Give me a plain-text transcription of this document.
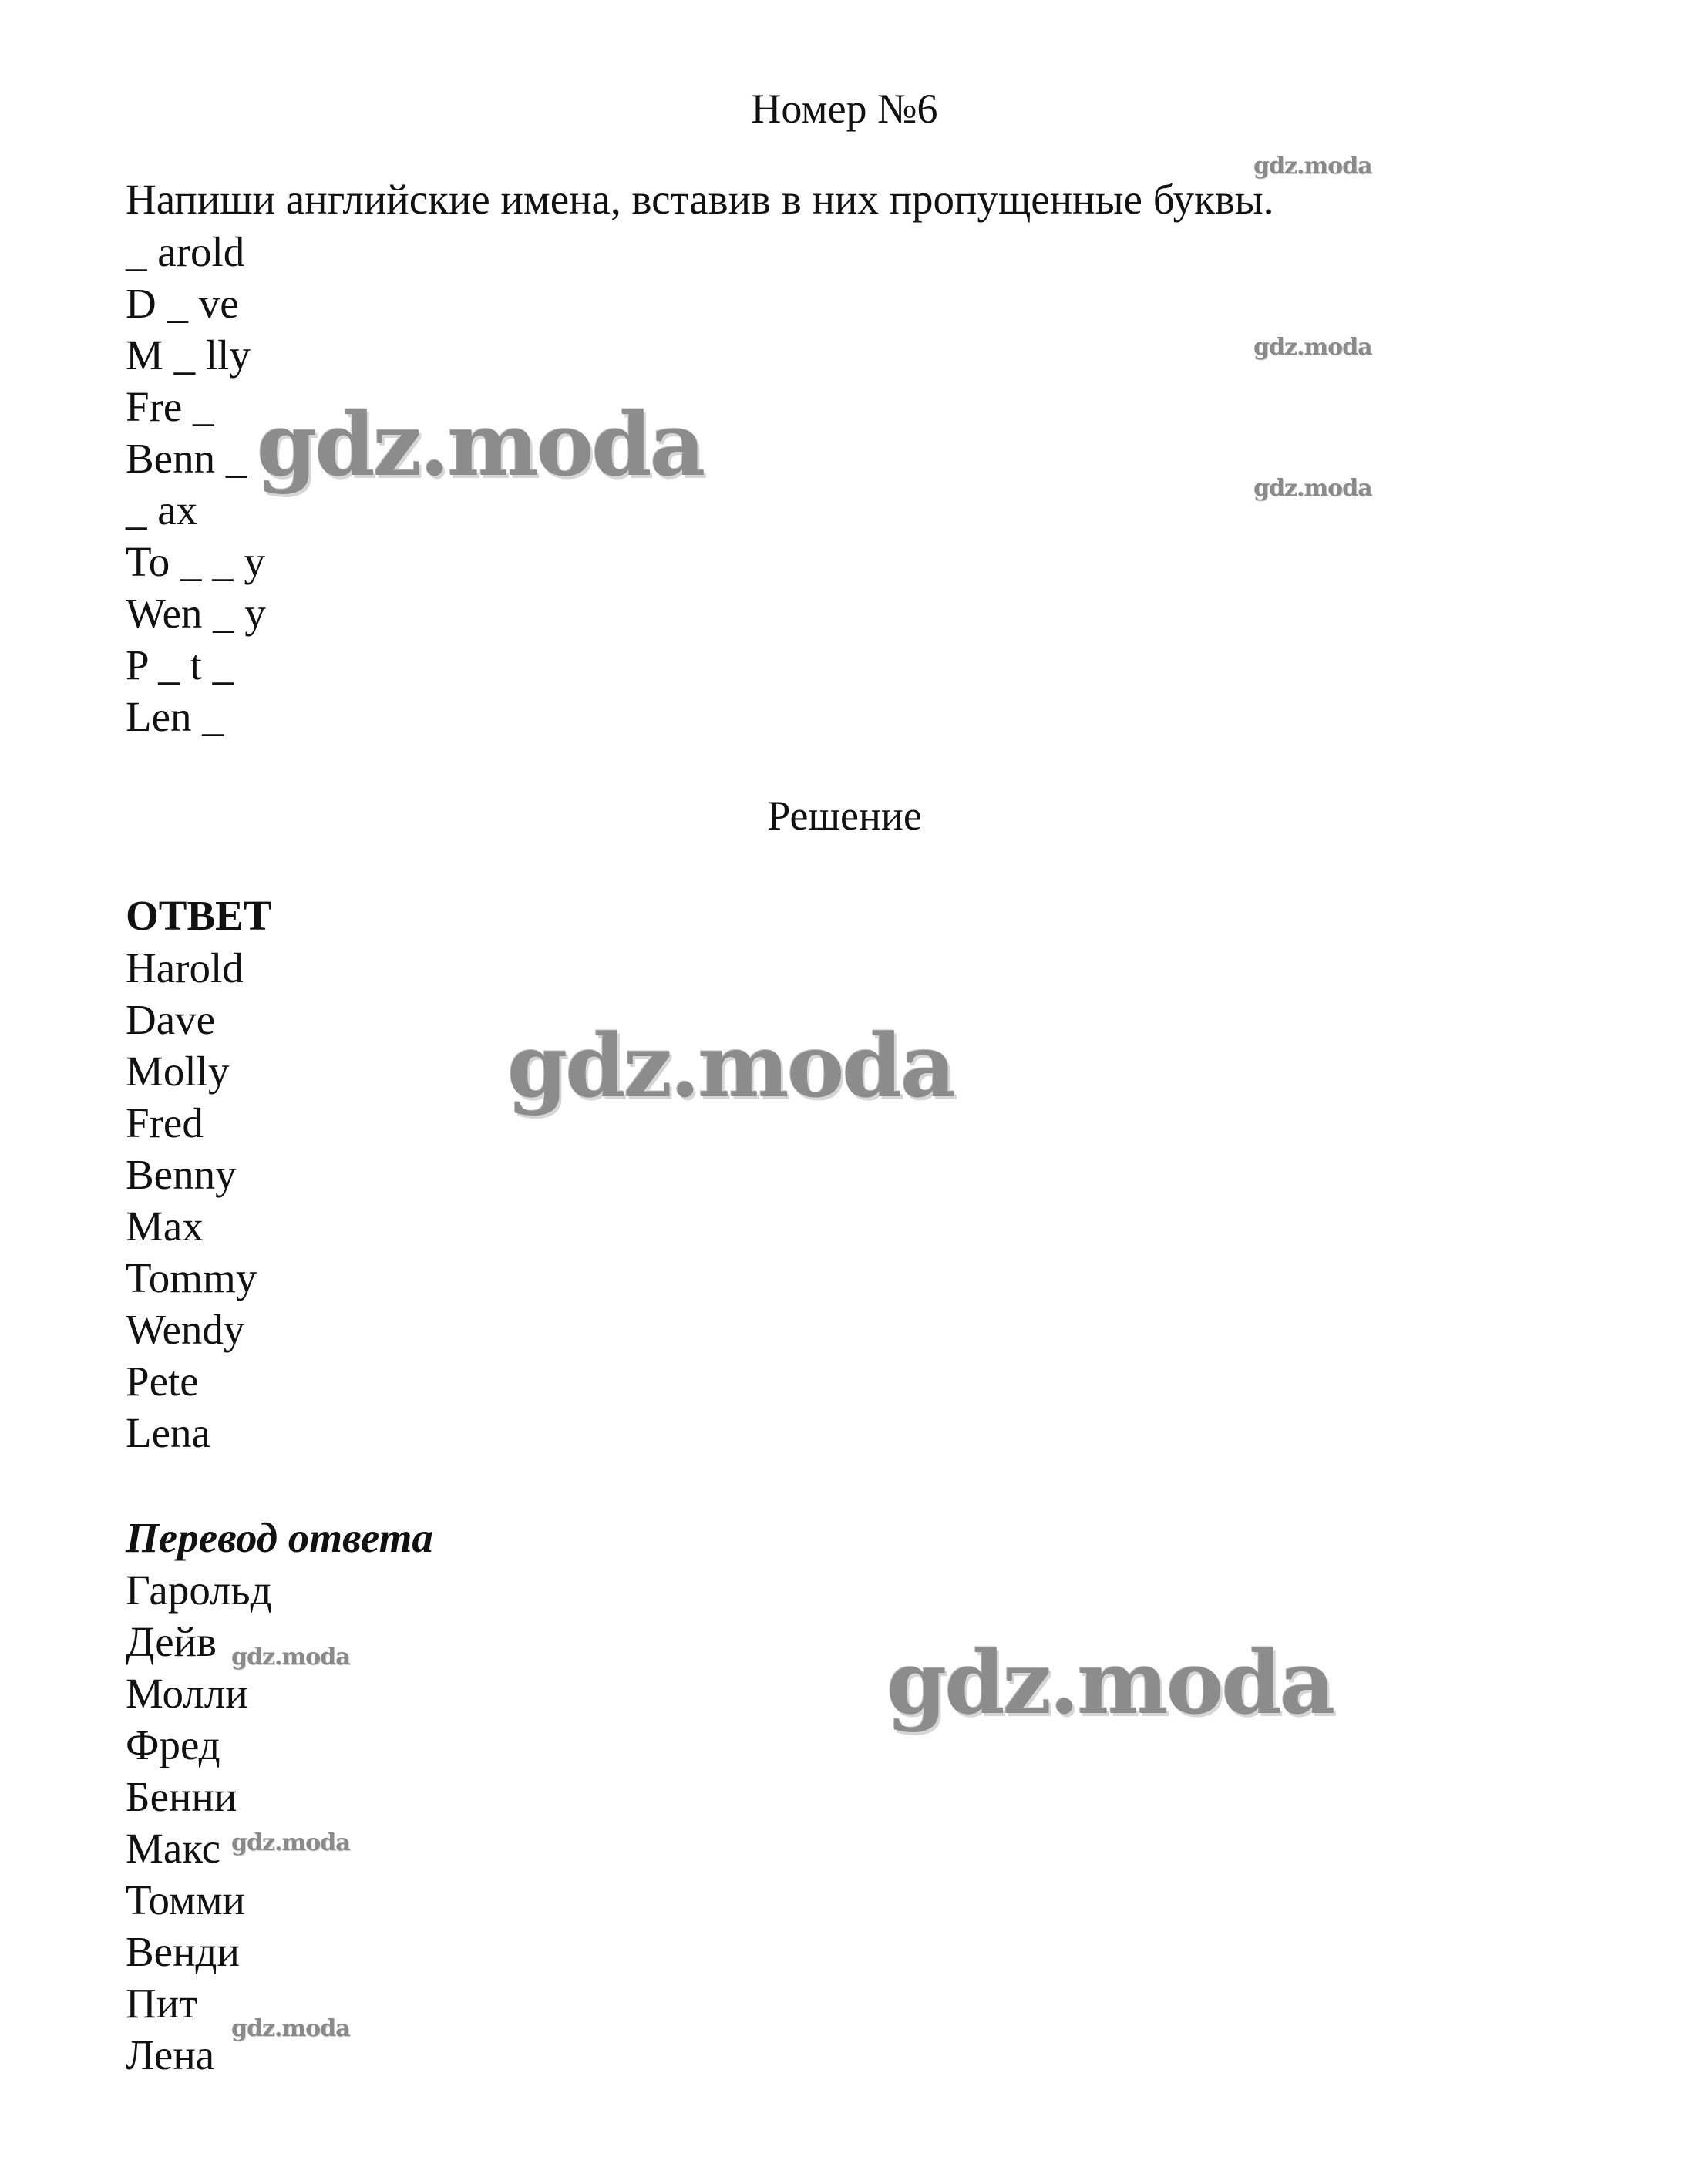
Номер №6
Напиши английские имена, вставив в них пропущенные буквы.
_ arold
D _ ve
M _ lly
Fre _
Benn _
_ ax
To _ _ y
Wen _ y
P _ t _
Len _
Решение
ОТВЕТ
Harold
Dave
Molly
Fred
Benny
Max
Tommy
Wendy
Pete
Lena
Перевод ответа
Гарольд
Дейв
Молли
Фред
Бенни
Макс
Томми
Венди
Пит
Лена
gdz.moda
gdz.moda
gdz.moda
gdz.moda
gdz.moda
gdz.moda
gdz.moda
gdz.moda
gdz.moda
